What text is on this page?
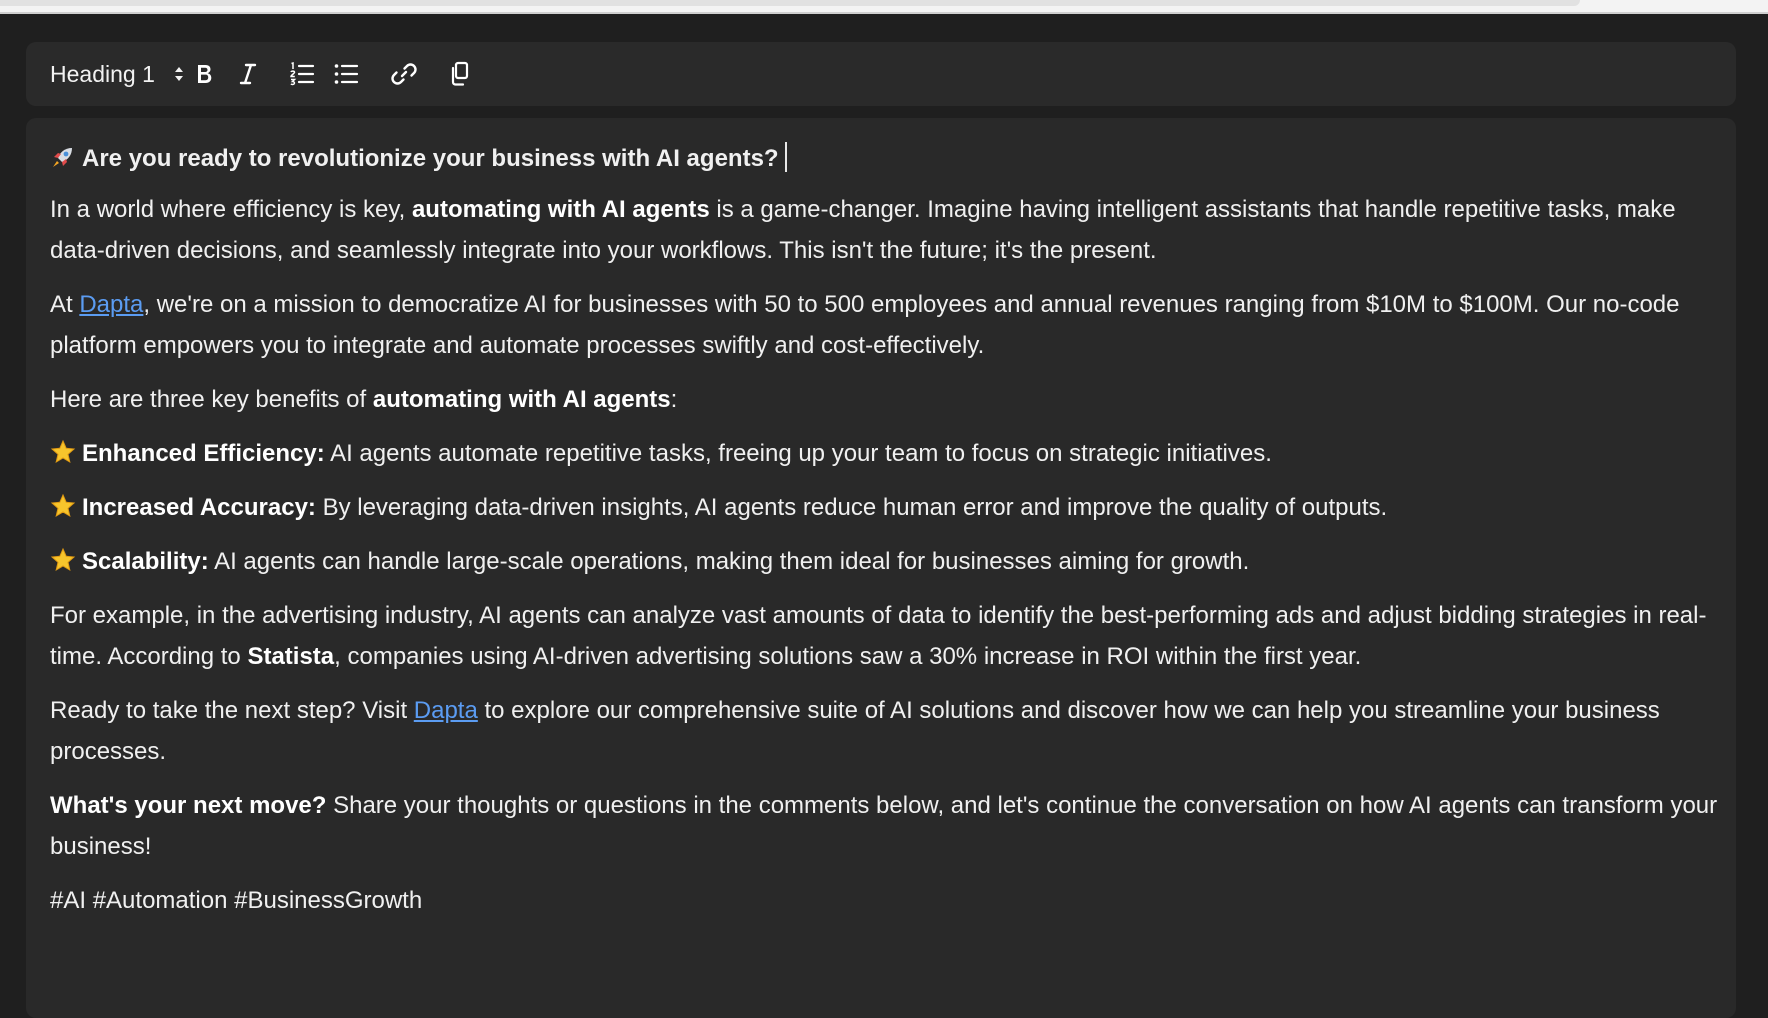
Heading 1

Are you ready to revolutionize your business with AI agents?

In a world where efficiency is key, automating with AI agents is a game-changer. Imagine having intelligent assistants that handle repetitive tasks, make data-driven decisions, and seamlessly integrate into your workflows. This isn't the future; it's the present.

At Dapta, we're on a mission to democratize AI for businesses with 50 to 500 employees and annual revenues ranging from $10M to $100M. Our no-code platform empowers you to integrate and automate processes swiftly and cost-effectively.

Here are three key benefits of automating with AI agents:

Enhanced Efficiency: AI agents automate repetitive tasks, freeing up your team to focus on strategic initiatives.

Increased Accuracy: By leveraging data-driven insights, AI agents reduce human error and improve the quality of outputs.

Scalability: AI agents can handle large-scale operations, making them ideal for businesses aiming for growth.

For example, in the advertising industry, AI agents can analyze vast amounts of data to identify the best-performing ads and adjust bidding strategies in real-time. According to Statista, companies using AI-driven advertising solutions saw a 30% increase in ROI within the first year.

Ready to take the next step? Visit Dapta to explore our comprehensive suite of AI solutions and discover how we can help you streamline your business processes.

What's your next move? Share your thoughts or questions in the comments below, and let's continue the conversation on how AI agents can transform your business!

#AI #Automation #BusinessGrowth
